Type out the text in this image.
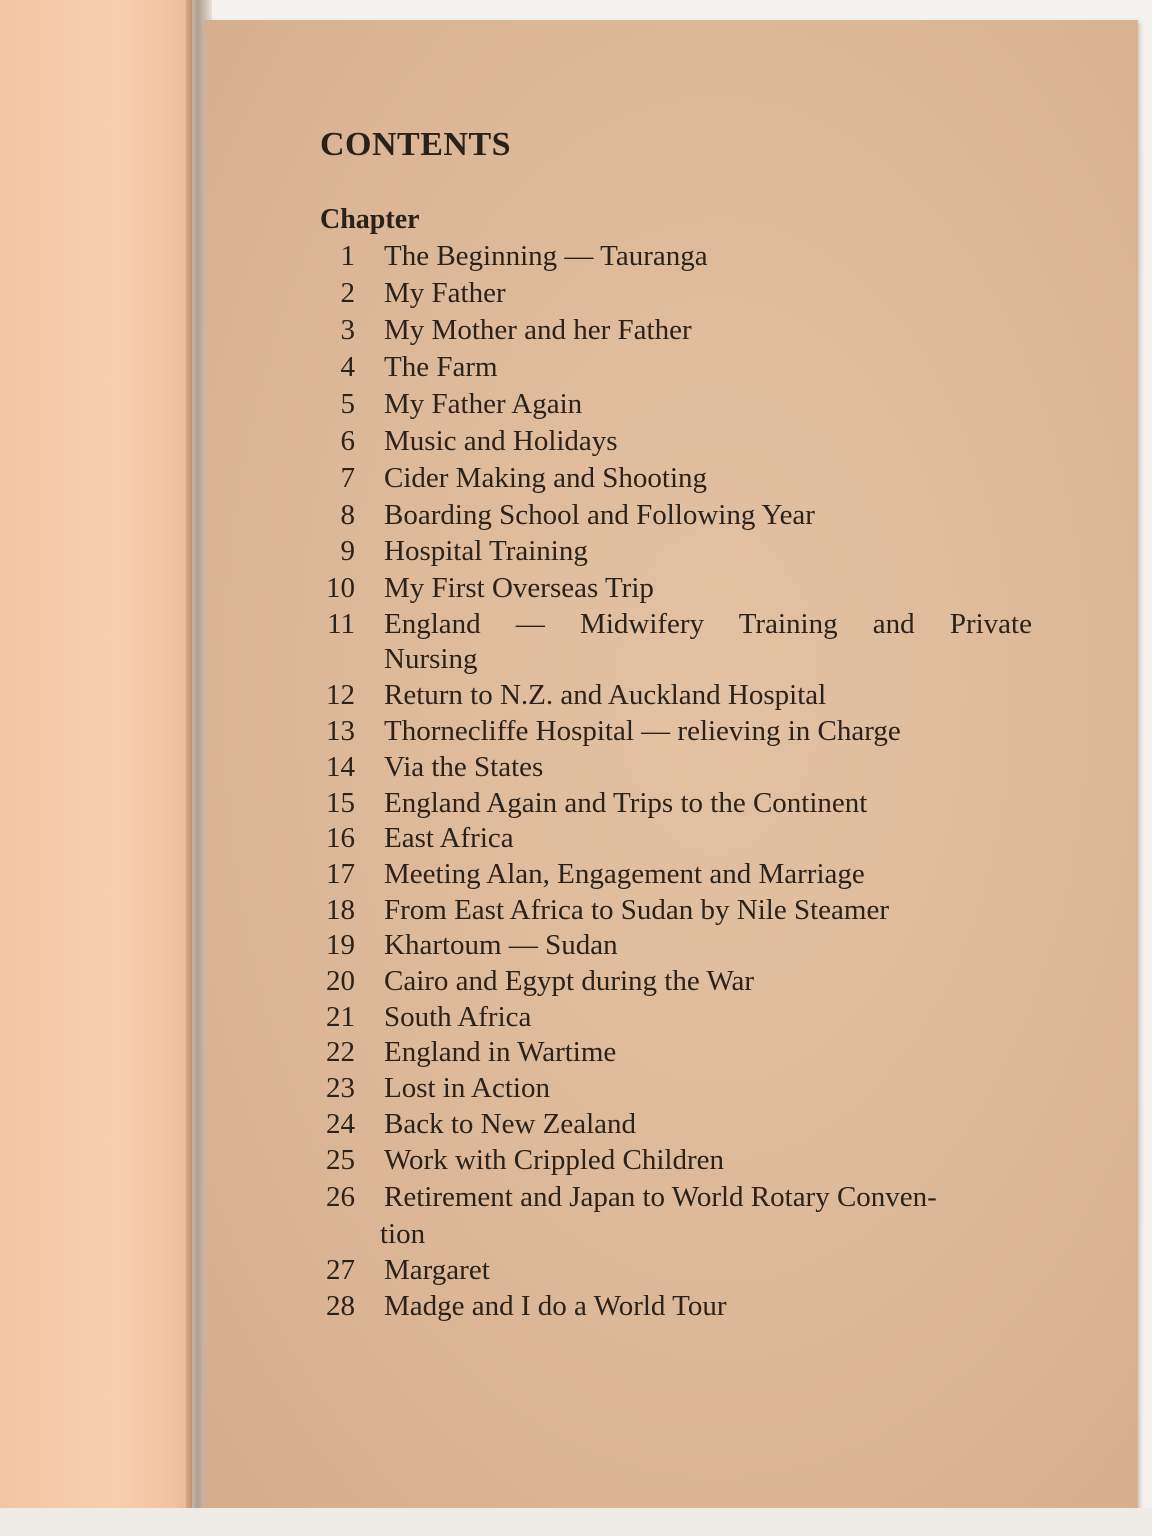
CONTENTS
Chapter
1 The Beginning — Tauranga
2 My Father
3 My Mother and her Father
4 The Farm
5 My Father Again
6 Music and Holidays
7 Cider Making and Shooting
8 Boarding School and Following Year
9 Hospital Training
10 My First Overseas Trip
11 England — Midwifery Training and Private
Nursing
12 Return to N.Z. and Auckland Hospital
13 Thornecliffe Hospital — relieving in Charge
14 Via the States
15 England Again and Trips to the Continent
16 East Africa
17 Meeting Alan, Engagement and Marriage
18 From East Africa to Sudan by Nile Steamer
19 Khartoum — Sudan
20 Cairo and Egypt during the War
21 South Africa
22 England in Wartime
23 Lost in Action
24 Back to New Zealand
25 Work with Crippled Children
26 Retirement and Japan to World Rotary Conven-
tion
27 Margaret
28 Madge and I do a World Tour
